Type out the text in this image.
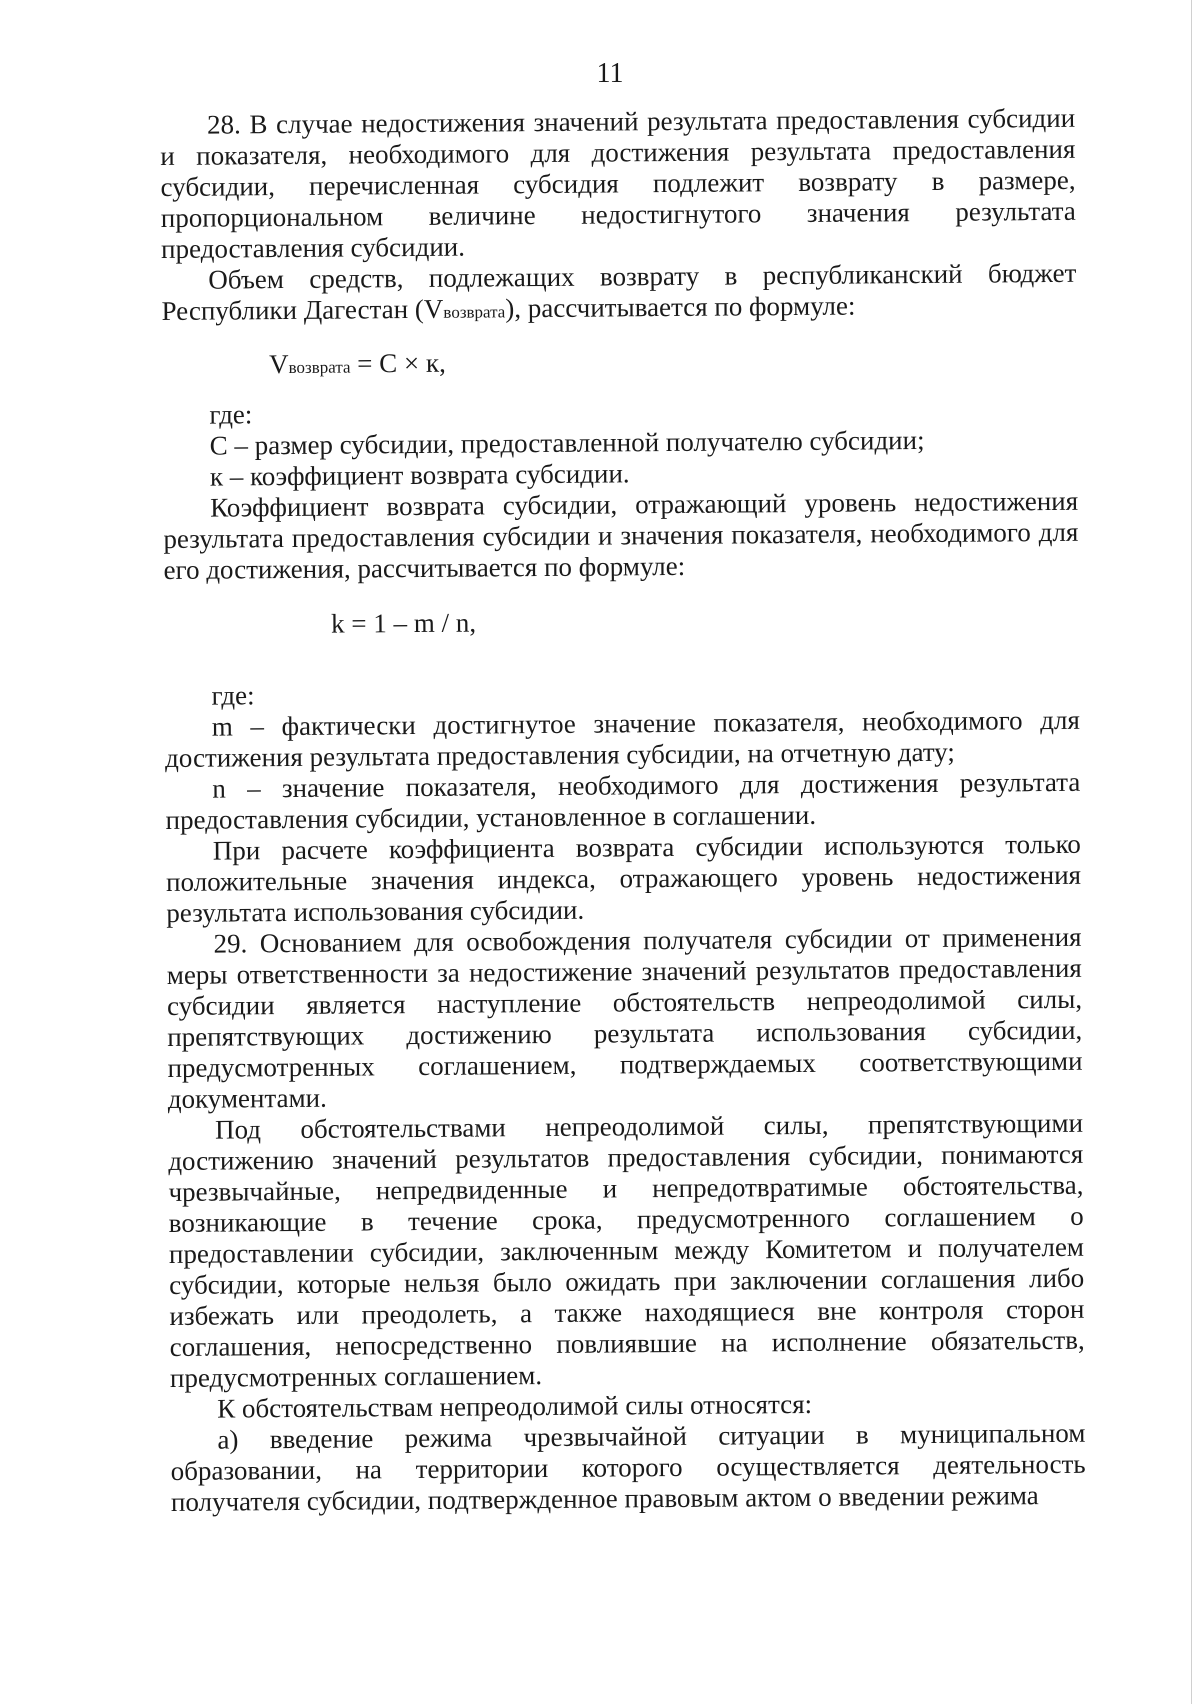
11

28. В случае недостижения значений результата предоставления субсидии и показателя, необходимого для достижения результата предоставления субсидии, перечисленная субсидия подлежит возврату в размере, пропорциональном величине недостигнутого значения результата предоставления субсидии.

Объем средств, подлежащих возврату в республиканский бюджет Республики Дагестан (Vвозврата), рассчитывается по формуле:

Vвозврата = С × к,

где:

С – размер субсидии, предоставленной получателю субсидии;

к – коэффициент возврата субсидии.

Коэффициент возврата субсидии, отражающий уровень недостижения результата предоставления субсидии и значения показателя, необходимого для его достижения, рассчитывается по формуле:

k = 1 – m / n,

где:

m – фактически достигнутое значение показателя, необходимого для достижения результата предоставления субсидии, на отчетную дату;

n – значение показателя, необходимого для достижения результата предоставления субсидии, установленное в соглашении.

При расчете коэффициента возврата субсидии используются только положительные значения индекса, отражающего уровень недостижения результата использования субсидии.

29. Основанием для освобождения получателя субсидии от применения меры ответственности за недостижение значений результатов предоставления субсидии является наступление обстоятельств непреодолимой силы, препятствующих достижению результата использования субсидии, предусмотренных соглашением, подтверждаемых соответствующими документами.

Под обстоятельствами непреодолимой силы, препятствующими достижению значений результатов предоставления субсидии, понимаются чрезвычайные, непредвиденные и непредотвратимые обстоятельства, возникающие в течение срока, предусмотренного соглашением о предоставлении субсидии, заключенным между Комитетом и получателем субсидии, которые нельзя было ожидать при заключении соглашения либо избежать или преодолеть, а также находящиеся вне контроля сторон соглашения, непосредственно повлиявшие на исполнение обязательств, предусмотренных соглашением.

К обстоятельствам непреодолимой силы относятся:

а) введение режима чрезвычайной ситуации в муниципальном образовании, на территории которого осуществляется деятельность получателя субсидии, подтвержденное правовым актом о введении режима
